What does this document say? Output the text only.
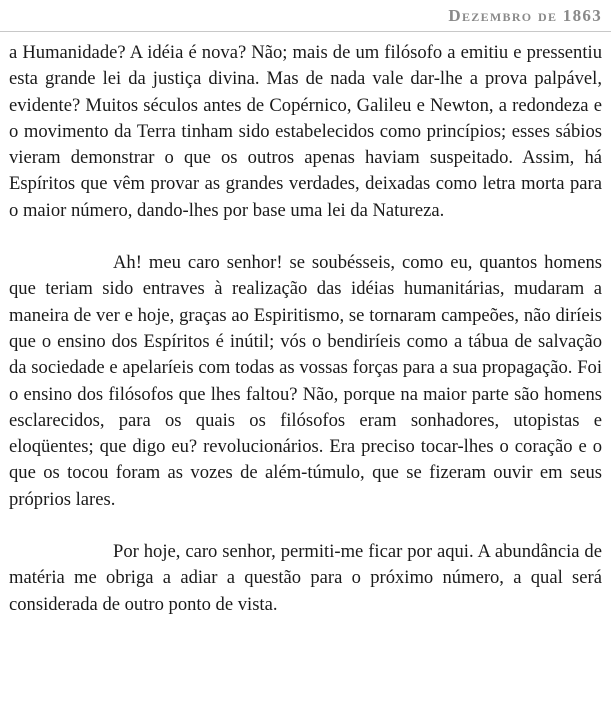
Dezembro de 1863

a Humanidade? A idéia é nova? Não; mais de um filósofo a emitiu e pressentiu esta grande lei da justiça divina. Mas de nada vale dar-lhe a prova palpável, evidente? Muitos séculos antes de Copérnico, Galileu e Newton, a redondeza e o movimento da Terra tinham sido estabelecidos como princípios; esses sábios vieram demonstrar o que os outros apenas haviam suspeitado. Assim, há Espíritos que vêm provar as grandes verdades, deixadas como letra morta para o maior número, dando-lhes por base uma lei da Natureza.

Ah! meu caro senhor! se soubésseis, como eu, quantos homens que teriam sido entraves à realização das idéias humanitárias, mudaram a maneira de ver e hoje, graças ao Espiritismo, se tornaram campeões, não diríeis que o ensino dos Espíritos é inútil; vós o bendiríeis como a tábua de salvação da sociedade e apelaríeis com todas as vossas forças para a sua propagação. Foi o ensino dos filósofos que lhes faltou? Não, porque na maior parte são homens esclarecidos, para os quais os filósofos eram sonhadores, utopistas e eloqüentes; que digo eu? revolucionários. Era preciso tocar-lhes o coração e o que os tocou foram as vozes de além-túmulo, que se fizeram ouvir em seus próprios lares.

Por hoje, caro senhor, permiti-me ficar por aqui. A abundância de matéria me obriga a adiar a questão para o próximo número, a qual será considerada de outro ponto de vista.
